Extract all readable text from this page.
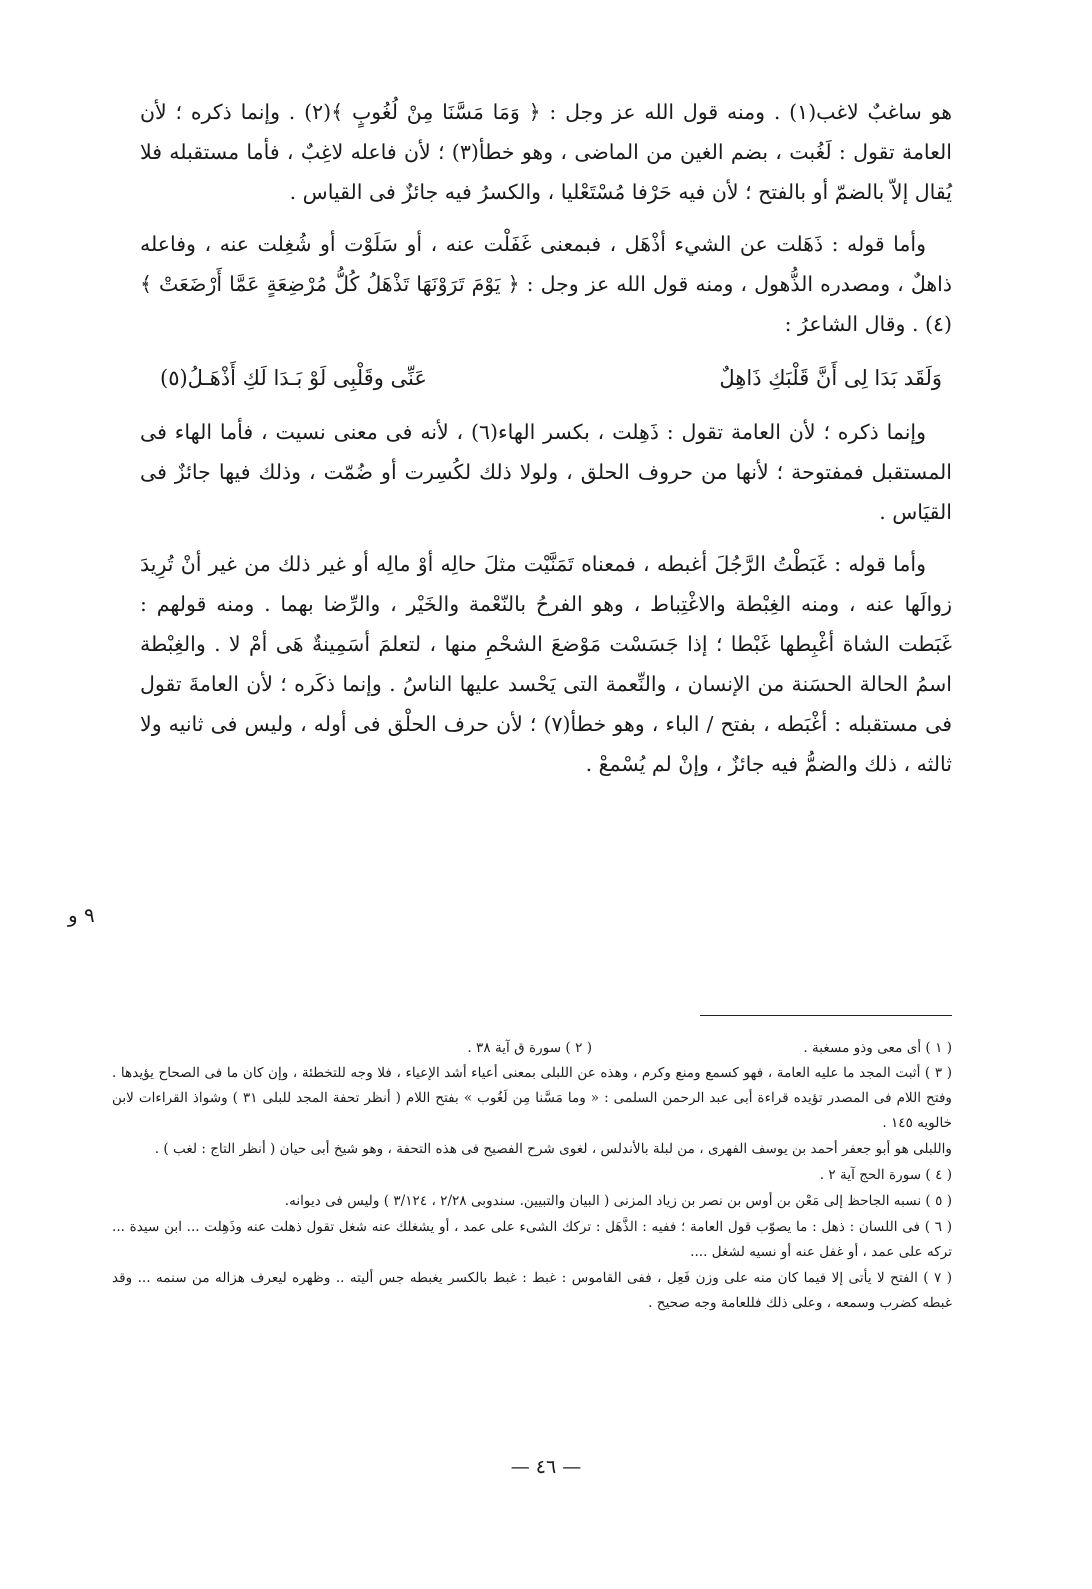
هو ساغبٌ لاغب(١) . ومنه قول الله عز وجل : ﴿ وَمَا مَسَّنَا مِنْ لُغُوبٍ ﴾(٢) . وإنما ذكره ؛ لأن العامة تقول : لَغُبت ، بضم الغين من الماضى ، وهو خطأ(٣) ؛ لأن فاعله لاغِبٌ ، فأما مستقبله فلا يُقال إلاّ بالضمّ أو بالفتح ؛ لأن فيه حَرْفا مُسْتَعْليا ، والكسرُ فيه جائزٌ فى القياس .

وأما قوله : ذَهَلت عن الشيء أذْهَل ، فبمعنى غَفَلْت عنه ، أو سَلَوْت أو شُغِلت عنه ، وفاعله ذاهلٌ ، ومصدره الذُّهول ، ومنه قول الله عز وجل : ﴿ يَوْمَ تَرَوْنَهَا تَذْهَلُ كُلُّ مُرْضِعَةٍ عَمَّا أَرْضَعَتْ ﴾(٤) . وقال الشاعرُ :

وَلَقَد بَدَا لِى أَنَّ قَلْبَكِ ذَاهِلٌ
عَنِّى وقَلْبِى لَوْ بَـدَا لَكِ أَذْهَـلُ(٥)

وإنما ذكره ؛ لأن العامة تقول : ذَهِلت ، بكسر الهاء(٦) ، لأنه فى معنى نسيت ، فأما الهاء فى المستقبل فمفتوحة ؛ لأنها من حروف الحلق ، ولولا ذلك لكُسِرت أو ضُمّت ، وذلك فيها جائزٌ فى القيَاس .

وأما قوله : غَبَطْتُ الرَّجُلَ أغبطه ، فمعناه تَمَنَّيْت مثلَ حالِه أوْ مالِه أو غير ذلك من غير أنْ تُرِيدَ زوالَها عنه ، ومنه الغِبْطة والاغْتِباط ، وهو الفرحُ بالنّعْمة والخَيْر ، والرِّضا بهما . ومنه قولهم : غَبَطت الشاة أغْبِطها غَبْطا ؛ إذا جَسَسْت مَوْضعَ الشحْمِ منها ، لتعلمَ أسَمِينةٌ هَى أمْ لا . والغِبْطة اسمُ الحالة الحسَنة من الإنسان ، والنِّعمة التى يَحْسد عليها الناسُ . وإنما ذكَره ؛ لأن العامةَ تقول فى مستقبله : أغْبَطه ، بفتح / الباء ، وهو خطأ(٧) ؛ لأن حرف الحلْق فى أوله ، وليس فى ثانيه ولا ثالثه ، ذلك والضمُّ فيه جائزٌ ، وإنْ لم يُسْمعْ .

٩ و
( ١ ) أى معى وذو مسغبة .
( ٢ ) سورة ق آية ٣٨ .

( ٣ ) أثبت المجد ما عليه العامة ، فهو كسمع ومنع وكرم ، وهذه عن اللبلى بمعنى أعياء أشد الإعياء ، فلا وجه للتخطئة ، وإن كان ما فى الصحاح يؤيدها . وفتح اللام فى المصدر تؤيده قراءة أبى عبد الرحمن السلمى : « وما مَسَّنا مِن لَغُوب » بفتح اللام ( أنظر تحفة المجد للبلى ٣١ ) وشواذ القراءات لابن خالويه ١٤٥ .

واللبلى هو أبو جعفر أحمد بن يوسف الفهرى ، من لبلة بالأندلس ، لغوى شرح الفصيح فى هذه التحفة ، وهو شيخ أبى حيان ( أنظر التاج : لغب ) .

( ٤ ) سورة الحج آية ٢ .

( ٥ ) نسبه الجاحظ إلى مَعْن بن أوس بن نصر بن زياد المزنى ( البيان والتبيين. سندوبى ٢/٢٨ ، ٣/١٢٤ ) وليس فى ديوانه.

( ٦ ) فى اللسان : ذهل : ما يصوّب قول العامة ؛ ففيه : الذَّهَل : تركك الشىء على عمد ، أو يشغلك عنه شغل تقول ذهلت عنه وذَهِلت ... ابن سيدة ... تركه على عمد ، أو غفل عنه أو نسيه لشغل ....

( ٧ ) الفتح لا يأتى إلا فيما كان منه على وزن فَعِل ، ففى القاموس : غبط : غبط بالكسر يغبطه جس أليته .. وظهره ليعرف هزاله من سنمه ... وقد غبطه كضرب وسمعه ، وعلى ذلك فللعامة وجه صحيح .

— ٤٦ —
